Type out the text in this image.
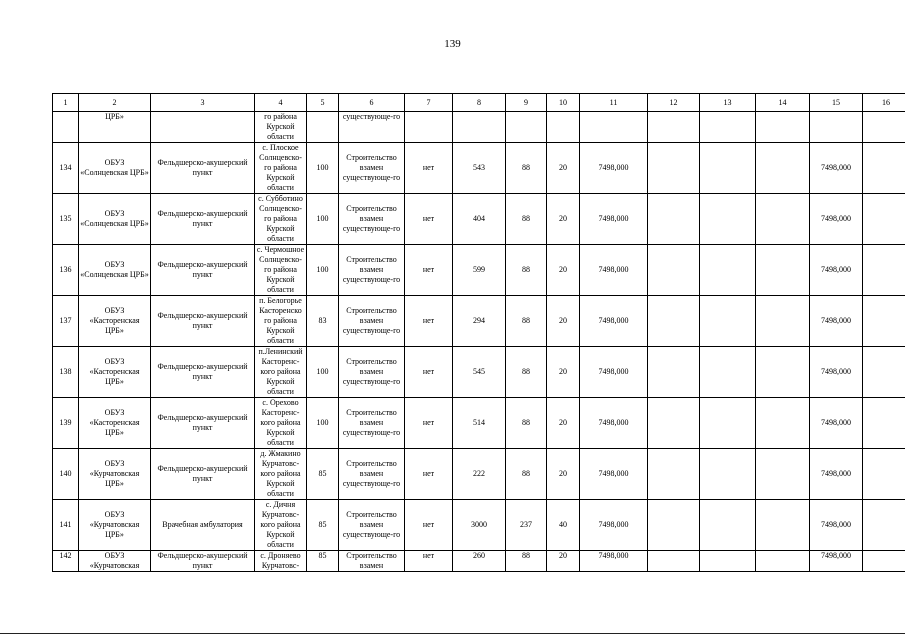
139
1	2	3	4	5	6	7	8	9	10	11	12	13	14	15	16
	ЦРБ»		го района Курской области		существующе-го										
134	ОБУЗ «Солнцевская ЦРБ»	Фельдшерско-акушерский пункт	с. Плоское Солнцевско-го района Курской области	100	Строительство взамен существующе-го	нет	543	88	20	7498,000				7498,000	
135	ОБУЗ «Солнцевская ЦРБ»	Фельдшерско-акушерский пункт	с. Субботино Солнцевско-го района Курской области	100	Строительство взамен существующе-го	нет	404	88	20	7498,000				7498,000	
136	ОБУЗ «Солнцевская ЦРБ»	Фельдшерско-акушерский пункт	с. Чермошное Солнцевско-го района Курской области	100	Строительство взамен существующе-го	нет	599	88	20	7498,000				7498,000	
137	ОБУЗ «Касторенская ЦРБ»	Фельдшерско-акушерский пункт	п. Белогорье Касторенско го района Курской области	83	Строительство взамен существующе-го	нет	294	88	20	7498,000				7498,000	
138	ОБУЗ «Касторенская ЦРБ»	Фельдшерско-акушерский пункт	п.Ленинский Касторенс-кого района Курской области	100	Строительство взамен существующе-го	нет	545	88	20	7498,000				7498,000	
139	ОБУЗ «Касторенская ЦРБ»	Фельдшерско-акушерский пункт	с. Орехово Касторенс-кого района Курской области	100	Строительство взамен существующе-го	нет	514	88	20	7498,000				7498,000	
140	ОБУЗ «Курчатовская ЦРБ»	Фельдшерско-акушерский пункт	д. Жмакино Курчатовс-кого района Курской области	85	Строительство взамен существующе-го	нет	222	88	20	7498,000				7498,000	
141	ОБУЗ «Курчатовская ЦРБ»	Врачебная амбулатория	с. Дичня Курчатовс-кого района Курской области	85	Строительство взамен существующе-го	нет	3000	237	40	7498,000				7498,000	
142	ОБУЗ «Курчатовская	Фельдшерско-акушерский пункт	с. Дроняево Курчатовс-	85	Строительство взамен	нет	260	88	20	7498,000				7498,000	
